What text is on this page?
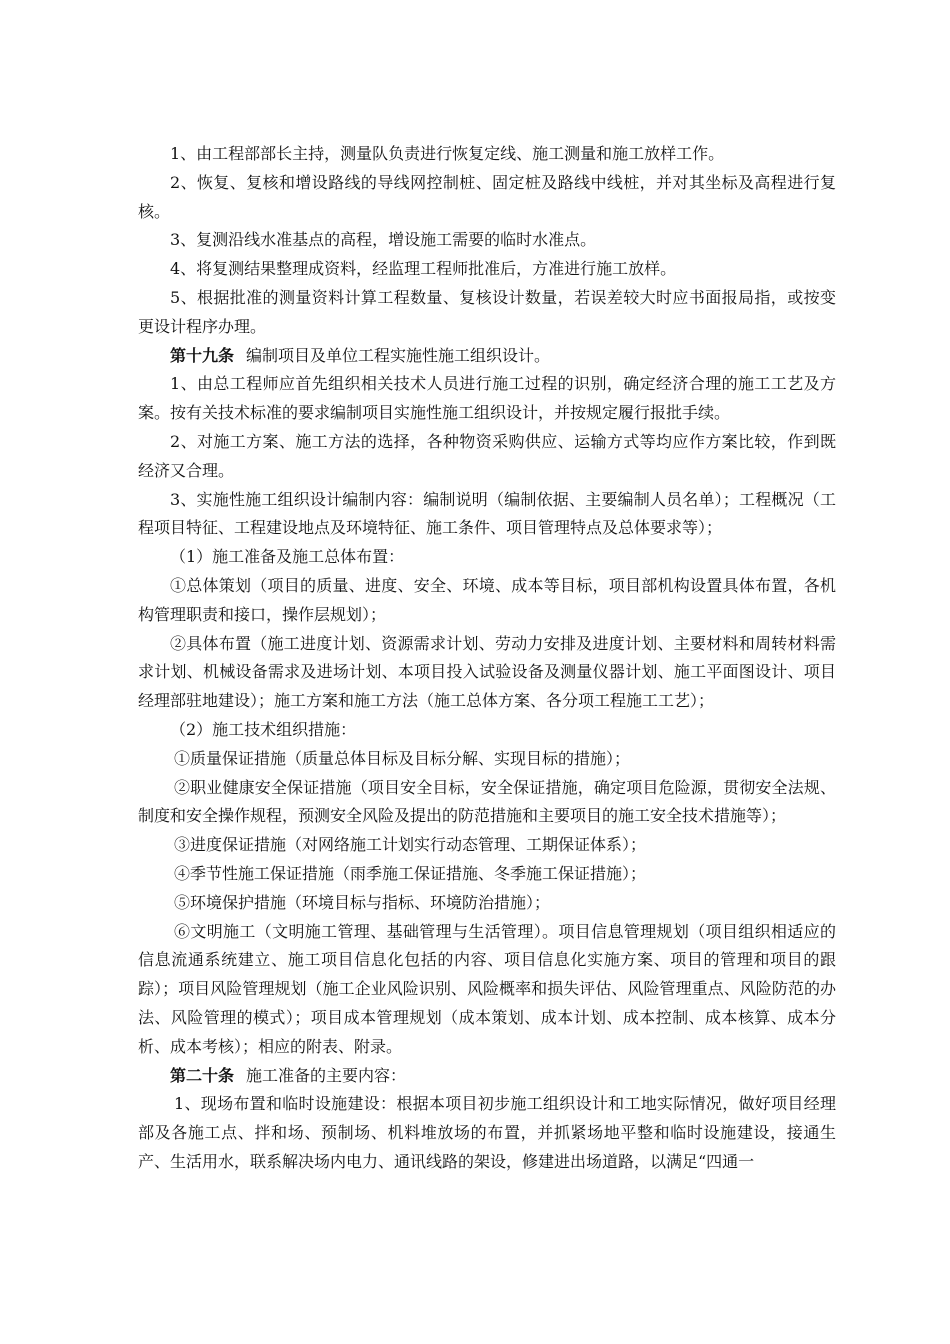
1、由工程部部长主持，测量队负责进行恢复定线、施工测量和施工放样工作。

2、恢复、复核和增设路线的导线网控制桩、固定桩及路线中线桩，并对其坐标及高程进行复核。

3、复测沿线水准基点的高程，增设施工需要的临时水准点。

4、将复测结果整理成资料，经监理工程师批准后，方准进行施工放样。

5、根据批准的测量资料计算工程数量、复核设计数量，若误差较大时应书面报局指，或按变更设计程序办理。

第十九条 编制项目及单位工程实施性施工组织设计。

1、由总工程师应首先组织相关技术人员进行施工过程的识别，确定经济合理的施工工艺及方案。按有关技术标准的要求编制项目实施性施工组织设计，并按规定履行报批手续。

2、对施工方案、施工方法的选择，各种物资采购供应、运输方式等均应作方案比较，作到既经济又合理。

3、实施性施工组织设计编制内容：编制说明（编制依据、主要编制人员名单）；工程概况（工程项目特征、工程建设地点及环境特征、施工条件、项目管理特点及总体要求等）；

（1）施工准备及施工总体布置：

①总体策划（项目的质量、进度、安全、环境、成本等目标，项目部机构设置具体布置，各机构管理职责和接口，操作层规划）；

②具体布置（施工进度计划、资源需求计划、劳动力安排及进度计划、主要材料和周转材料需求计划、机械设备需求及进场计划、本项目投入试验设备及测量仪器计划、施工平面图设计、项目经理部驻地建设）；施工方案和施工方法（施工总体方案、各分项工程施工工艺）；

（2）施工技术组织措施：

①质量保证措施（质量总体目标及目标分解、实现目标的措施）；

②职业健康安全保证措施（项目安全目标，安全保证措施，确定项目危险源，贯彻安全法规、制度和安全操作规程，预测安全风险及提出的防范措施和主要项目的施工安全技术措施等）；

③进度保证措施（对网络施工计划实行动态管理、工期保证体系）；

④季节性施工保证措施（雨季施工保证措施、冬季施工保证措施）；

⑤环境保护措施（环境目标与指标、环境防治措施）；

⑥文明施工（文明施工管理、基础管理与生活管理）。项目信息管理规划（项目组织相适应的信息流通系统建立、施工项目信息化包括的内容、项目信息化实施方案、项目的管理和项目的跟踪）；项目风险管理规划（施工企业风险识别、风险概率和损失评估、风险管理重点、风险防范的办法、风险管理的模式）；项目成本管理规划（成本策划、成本计划、成本控制、成本核算、成本分析、成本考核）；相应的附表、附录。

第二十条 施工准备的主要内容：

1、现场布置和临时设施建设：根据本项目初步施工组织设计和工地实际情况，做好项目经理部及各施工点、拌和场、预制场、机料堆放场的布置，并抓紧场地平整和临时设施建设，接通生产、生活用水，联系解决场内电力、通讯线路的架设，修建进出场道路，以满足“四通一
